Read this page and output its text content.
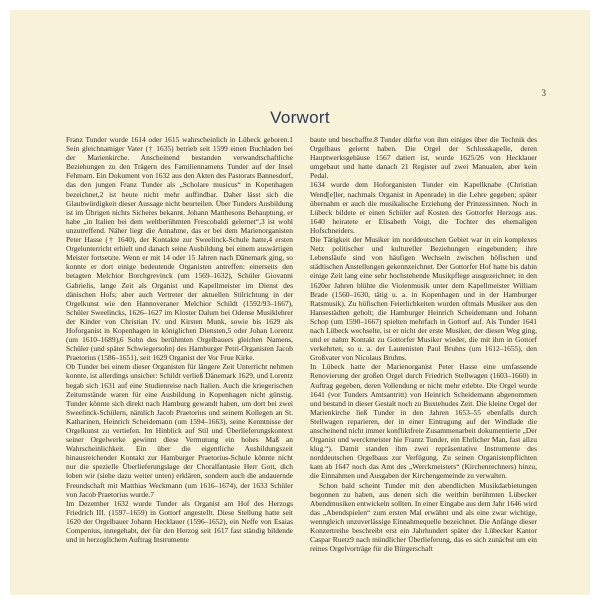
3
Vorwort

Franz Tunder wurde 1614 oder 1615 wahrscheinlich in Lübeck geboren.1 Sein gleichnamiger Vater († 1635) betrieb seit 1599 einen Buchladen bei der Marienkirche. Anscheinend bestanden verwandtschaftliche Beziehungen zu den Trägern des Familiennamens Tunder auf der Insel Fehmarn. Ein Dokument von 1632 aus den Akten des Pastorats Bannesdorf, das den jungen Franz Tunder als „Scholare musicus“ in Kopenhagen bezeichnet,2 ist heute nicht mehr auffindbar. Daher lässt sich die Glaubwürdigkeit dieser Aussage nicht beurteilen. Über Tunders Ausbildung ist im Übrigen nichts Sicheres bekannt. Johann Matthesons Behauptung, er habe „in Italien bei dem weltberühmten Frescobaldi gelernet“,3 ist wohl unzutreffend. Näher liegt die Annahme, das er bei dem Marienorganisten Peter Hasse († 1640), der Kontakte zur Sweelinck-Schule hatte,4 ersten Orgelunterricht erhielt und danach seine Ausbildung bei einem auswärtigen Meister fortsetzte. Wenn er mit 14 oder 15 Jahren nach Dänemark ging, so konnte er dort einige bedeutende Organisten antreffen: einerseits den betagten Melchior Borchgrevinck (um 1569–1632), Schüler Giovanni Gabrielis, lange Zeit als Organist und Kapellmeister im Dienst des dänischen Hofs; aber auch Vertreter der aktuellen Stilrichtung in der Orgelkunst wie den Hannoveraner Melchior Schildt (1592/93–1667), Schüler Sweelincks, 1626–1627 im Kloster Dalum bei Odense Musiklehrer der Kinder von Christian IV. und Kirsten Munk, sowie bis 1629 als Hoforganist in Kopenhagen in königlichen Diensten,5 oder Johan Lorentz (um 1610–1689),6 Sohn des berühmten Orgelbauers gleichen Namens, Schüler (und später Schwiegersohn) des Hamburger Petri-Organisten Jacob Praetorius (1586–1651), seit 1629 Organist der Vor Frue Kirke.

Ob Tunder bei einem dieser Organisten für längere Zeit Unterricht nehmen konnte, ist allerdings unsicher: Schildt verließ Dänemark 1629, und Lorentz begab sich 1631 auf eine Studienreise nach Italien. Auch die kriegerischen Zeitumstände waren für eine Ausbildung in Kopenhagen nicht günstig. Tunder könnte sich direkt nach Hamburg gewandt haben, um dort bei zwei Sweelinck-Schülern, nämlich Jacob Praetorius und seinem Kollegen an St. Katharinen, Heinrich Scheidemann (um 1594–1663), seine Kenntnisse der Orgelkunst zu vertiefen. Im Hinblick auf Stil und Überlieferungskontext seiner Orgelwerke gewinnt diese Vermutung ein hohes Maß an Wahrscheinlichkeit. Ein über die eigentliche Ausbildungszeit hinausreichender Kontakt zur Hamburger Praetorius-Schule könnte nicht nur die spezielle Überlieferungslage der Choralfantasie Herr Gott, dich loben wir (siehe dazu weiter unten) erklären, sondern auch die andauernde Freundschaft mit Matthias Weckmann (um 1616–1674), der 1633 Schüler von Jacob Praetorius wurde.7

Im Dezember 1632 wurde Tunder als Organist am Hof des Herzogs Friedrich III. (1597–1659) in Gottorf angestellt. Diese Stellung hatte seit 1620 der Orgelbauer Johann Hecklauer (1596–1652), ein Neffe von Esaias Compenius, innegehabt, der für den Herzog seit 1617 fast ständig bildende und in herzoglichem Auftrag Instrumente

baute und beschaffte.8 Tunder dürfte von ihm einiges über die Technik des Orgelbaus gelernt haben. Die Orgel der Schlosskapelle, deren Hauptwerksgehäuse 1567 datiert ist, wurde 1625/26 von Hecklauer umgebaut und hatte danach 21 Register auf zwei Manualen, aber kein Pedal.

1634 wurde dem Hoforganisten Tunder ein Kapellknabe (Christian Wend[e]ler, nachmals Organist in Apenrade) in die Lehre gegeben; später übernahm er auch die musikalische Erziehung der Prinzessinnen. Noch in Lübeck bildete er einen Schüler auf Kosten des Gottorfer Herzogs aus. 1640 heiratete er Elisabeth Voigt, die Tochter des ehemaligen Hofschneiders.

Die Tätigkeit der Musiker im norddeutschen Gebiet war in ein komplexes Netz politischer und kultureller Beziehungen eingebunden; ihre Lebensläufe sind von häufigen Wechseln zwischen höfischen und städtischen Anstellungen gekennzeichnet. Der Gottorfer Hof hatte bis dahin einige Zeit lang eine sehr hochstehende Musikpflege ausgezeichnet; in den 1620er Jahren blühte die Violenmusik unter dem Kapellmeister William Brade (1560–1630, tätig u. a. in Kopenhagen und in der Hamburger Ratsmusik). Zu höfischen Feierlichkeiten wurden oftmals Musiker aus den Hansestädten geholt; die Hamburger Heinrich Scheidemann und Johann Schop (um 1590–1667) spielten mehrfach in Gottorf auf. Als Tunder 1641 nach Lübeck wechselte, ist er nicht der erste Musiker, der diesen Weg ging, und er nahm Kontakt zu Gottorfer Musiker wieder, die mit ihm in Gottorf verkehrten, so u. a. der Lautenisten Paul Bruhns (um 1612–1655), den Großvater von Nicolaus Bruhns.

In Lübeck hatte der Marienorganist Peter Hasse eine umfassende Renovierung der großen Orgel durch Friedrich Stellwagen (1603–1660) in Auftrag gegeben, deren Vollendung er nicht mehr erlebte. Die Orgel wurde 1641 (vor Tunders Amtsantritt) von Heinrich Scheidemann abgenommen und bestand in dieser Gestalt noch zu Buxtehudes Zeit. Die kleine Orgel der Marienkirche ließ Tunder in den Jahren 1653–55 ebenfalls durch Stellwagen reparieren, der in einer Eintragung auf der Windlade die anscheinend nicht immer konfliktfreie Zusammenarbeit dokumentierte „Der Organist und werckmeister hie Frantz Tunder, ein Ehrlicher Man, fast allzu klug.“). Damit standen ihm zwei repräsentative Instrumente des norddeutschen Orgelbaus zur Verfügung. Zu seinen Organistenpflichten kam ab 1647 noch das Amt des „Werckmeisters“ (Kirchenrechners) hinzu, die Einnahmen und Ausgaben der Kirchengemeinde zu verwalten.

Schon bald scheint Tunder mit den abendlichen Musikdarbietungen begonnen zu haben, aus denen sich die weithin berühmten Lübecker Abendmusiken entwickeln sollten. In einer Eingabe aus dem Jahr 1646 wird das „Abendspielen“ zum ersten Mal erwähnt und als eine zwar wichtige, wenngleich unzuverlässige Einnahmequelle bezeichnet. Die Anfänge dieser Konzertreihe beschreibt erst ein Jahrhundert später der Lübecker Kantor Caspar Ruetz9 nach mündlicher Überlieferung, das es sich zunächst um ein reines Orgelvorträge für die Bürgerschaft
